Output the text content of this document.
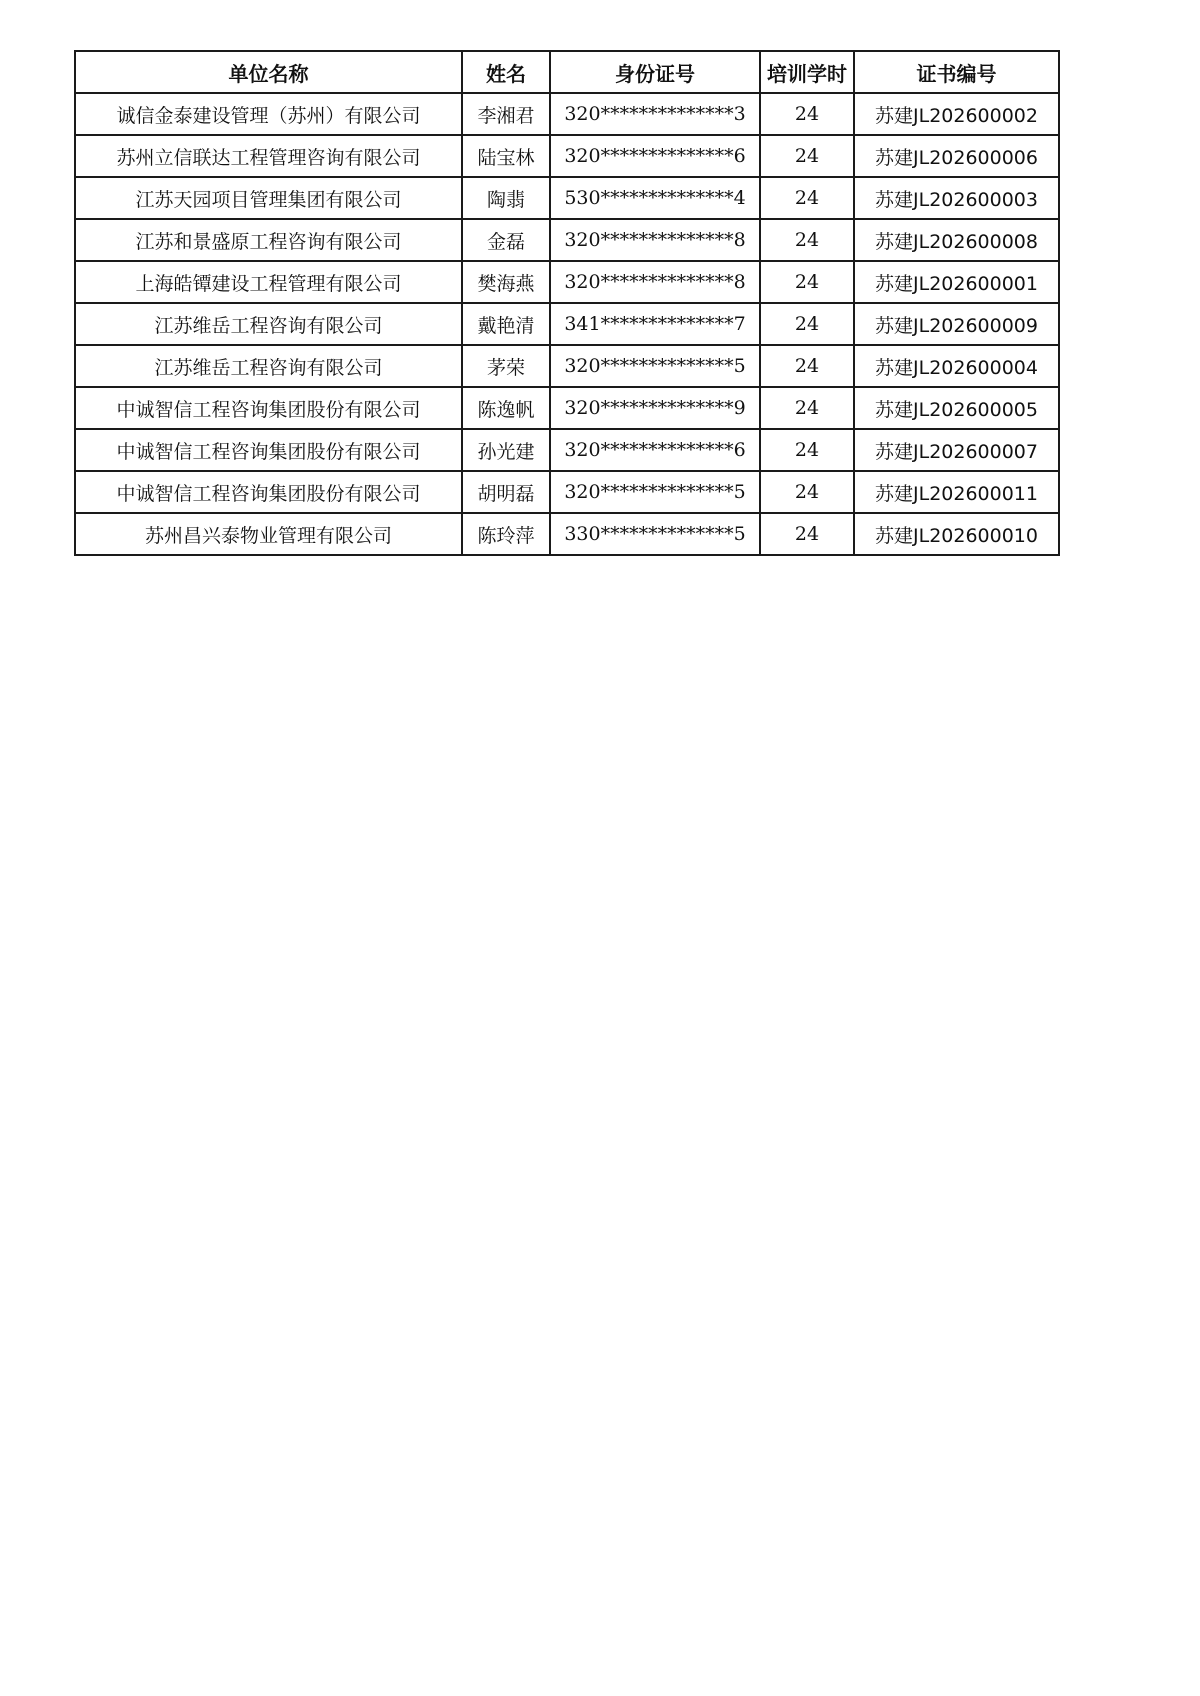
单位名称	姓名	身份证号	培训学时	证书编号
诚信金泰建设管理（苏州）有限公司	李湘君	320**************3	24	苏建JL202600002
苏州立信联达工程管理咨询有限公司	陆宝林	320**************6	24	苏建JL202600006
江苏天园项目管理集团有限公司	陶翡	530**************4	24	苏建JL202600003
江苏和景盛原工程咨询有限公司	金磊	320**************8	24	苏建JL202600008
上海皓镡建设工程管理有限公司	樊海燕	320**************8	24	苏建JL202600001
江苏维岳工程咨询有限公司	戴艳清	341**************7	24	苏建JL202600009
江苏维岳工程咨询有限公司	茅荣	320**************5	24	苏建JL202600004
中诚智信工程咨询集团股份有限公司	陈逸帆	320**************9	24	苏建JL202600005
中诚智信工程咨询集团股份有限公司	孙光建	320**************6	24	苏建JL202600007
中诚智信工程咨询集团股份有限公司	胡明磊	320**************5	24	苏建JL202600011
苏州昌兴泰物业管理有限公司	陈玲萍	330**************5	24	苏建JL202600010
